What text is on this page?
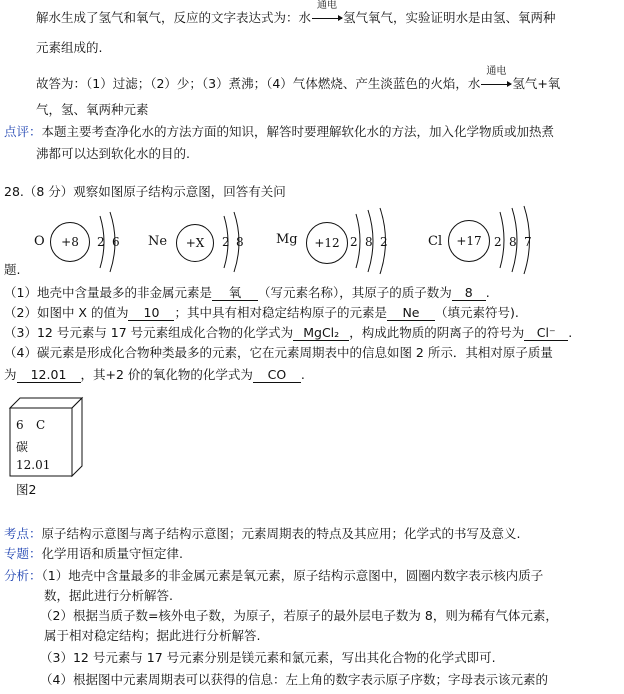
解水生成了氢气和氧气，反应的文字表达式为：水
通电
氢气氧气，实验证明水是由氢、氧两种
元素组成的.
故答为：（1）过滤；（2）少；（3）煮沸；（4）气体燃烧、产生淡蓝色的火焰，水
通电
氢气+氧
气，氢、氧两种元素
点评：本题主要考查净化水的方法方面的知识，解答时要理解软化水的方法，加入化学物质或加热煮
沸都可以达到软化水的目的.
28.（8 分）观察如图原子结构示意图，回答有关问
O	+8	2 6 Ne	+X	2 8 Mg	+12 2 8 2	Cl	+17	2 8 7
题.
（1）地壳中含量最多的非金属元素是 氧 （写元素名称），其原子的质子数为 8 .
（2）如图中 X 的值为 10 ；其中具有相对稳定结构原子的元素是 Ne （填元素符号).
（3）12 号元素与 17 号元素组成化合物的化学式为 MgCl₂ ，构成此物质的阴离子的符号为 Cl⁻ .
（4）碳元素是形成化合物种类最多的元素，它在元素周期表中的信息如图 2 所示．其相对原子质量
为 12.01 ，其+2 价的氧化物的化学式为 CO .
6 C
碳
12.01
图2
考点：原子结构示意图与离子结构示意图；元素周期表的特点及其应用；化学式的书写及意义.
专题：化学用语和质量守恒定律.
分析：（1）地壳中含量最多的非金属元素是氧元素，原子结构示意图中，圆圈内数字表示核内质子
数，据此进行分析解答.
（2）根据当质子数=核外电子数，为原子，若原子的最外层电子数为 8，则为稀有气体元素，
属于相对稳定结构；据此进行分析解答.
（3）12 号元素与 17 号元素分别是镁元素和氯元素，写出其化合物的化学式即可.
（4）根据图中元素周期表可以获得的信息：左上角的数字表示原子序数；字母表示该元素的
